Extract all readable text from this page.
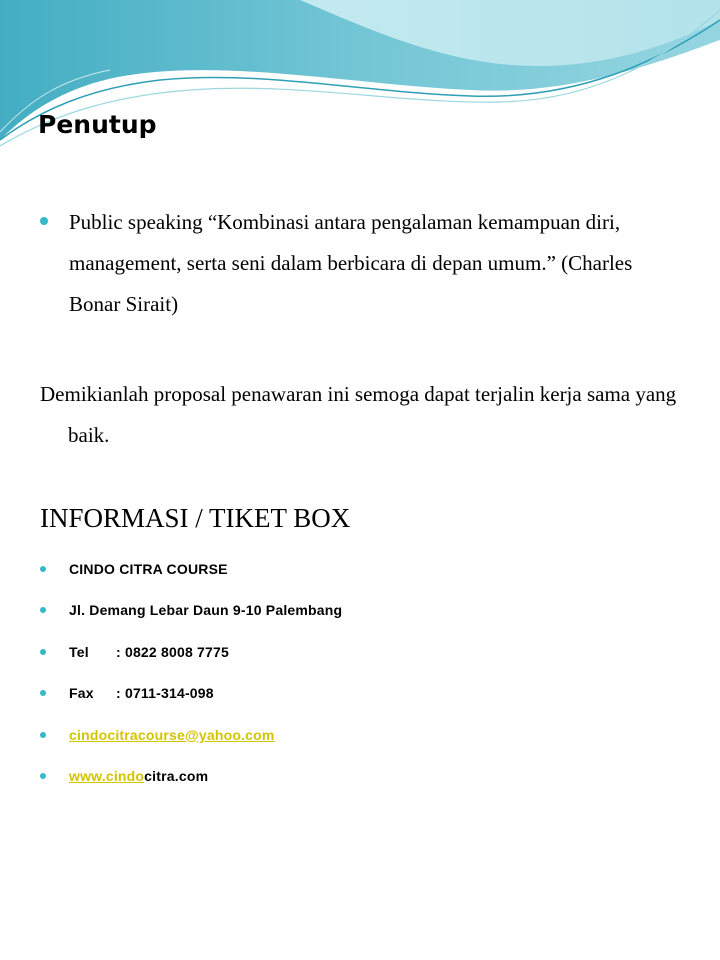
Penutup
Public speaking “Kombinasi antara pengalaman kemampuan diri, management, serta seni dalam berbicara di depan umum.” (Charles Bonar Sirait)
Demikianlah proposal penawaran ini semoga dapat terjalin kerja sama yang baik.
INFORMASI / TIKET BOX
CINDO CITRA COURSE
Jl. Demang Lebar Daun 9-10 Palembang
Tel	: 0822 8008 7775
Fax	: 0711-314-098
cindocitracourse@yahoo.com
www.cindo citra.com
